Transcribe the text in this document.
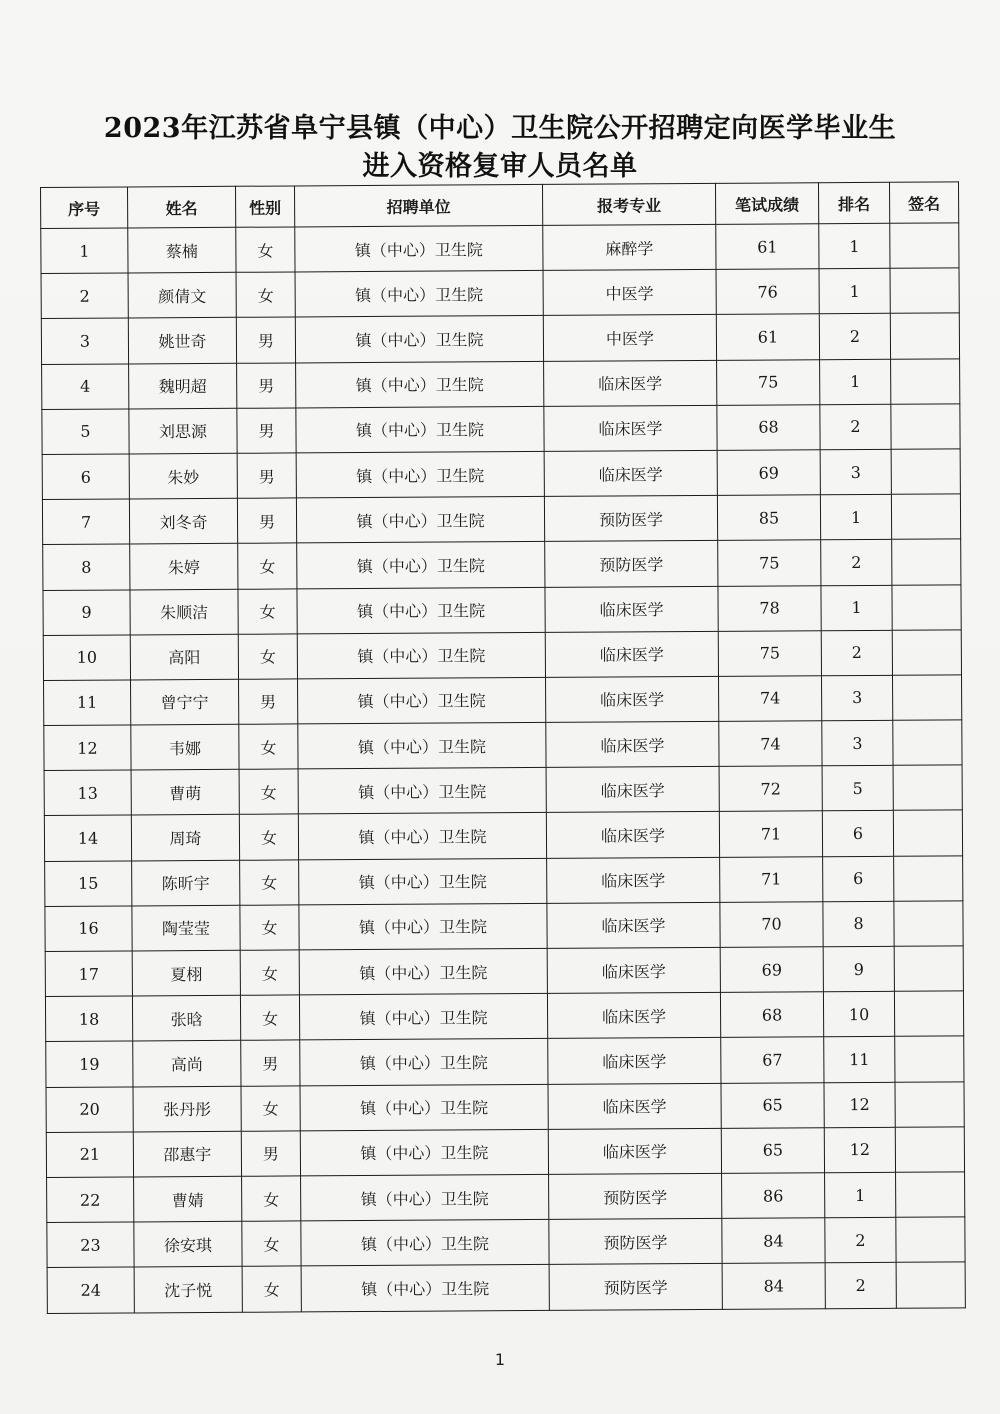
2023年江苏省阜宁县镇（中心）卫生院公开招聘定向医学毕业生

进入资格复审人员名单

序号	姓名	性别	招聘单位	报考专业	笔试成绩	排名	签名
1	蔡楠	女	镇（中心）卫生院	麻醉学	61	1	
2	颜倩文	女	镇（中心）卫生院	中医学	76	1	
3	姚世奇	男	镇（中心）卫生院	中医学	61	2	
4	魏明超	男	镇（中心）卫生院	临床医学	75	1	
5	刘思源	男	镇（中心）卫生院	临床医学	68	2	
6	朱妙	男	镇（中心）卫生院	临床医学	69	3	
7	刘冬奇	男	镇（中心）卫生院	预防医学	85	1	
8	朱婷	女	镇（中心）卫生院	预防医学	75	2	
9	朱顺洁	女	镇（中心）卫生院	临床医学	78	1	
10	高阳	女	镇（中心）卫生院	临床医学	75	2	
11	曾宁宁	男	镇（中心）卫生院	临床医学	74	3	
12	韦娜	女	镇（中心）卫生院	临床医学	74	3	
13	曹萌	女	镇（中心）卫生院	临床医学	72	5	
14	周琦	女	镇（中心）卫生院	临床医学	71	6	
15	陈昕宇	女	镇（中心）卫生院	临床医学	71	6	
16	陶莹莹	女	镇（中心）卫生院	临床医学	70	8	
17	夏栩	女	镇（中心）卫生院	临床医学	69	9	
18	张晗	女	镇（中心）卫生院	临床医学	68	10	
19	高尚	男	镇（中心）卫生院	临床医学	67	11	
20	张丹彤	女	镇（中心）卫生院	临床医学	65	12	
21	邵惠宇	男	镇（中心）卫生院	临床医学	65	12	
22	曹婧	女	镇（中心）卫生院	预防医学	86	1	
23	徐安琪	女	镇（中心）卫生院	预防医学	84	2	
24	沈子悦	女	镇（中心）卫生院	预防医学	84	2	
1
